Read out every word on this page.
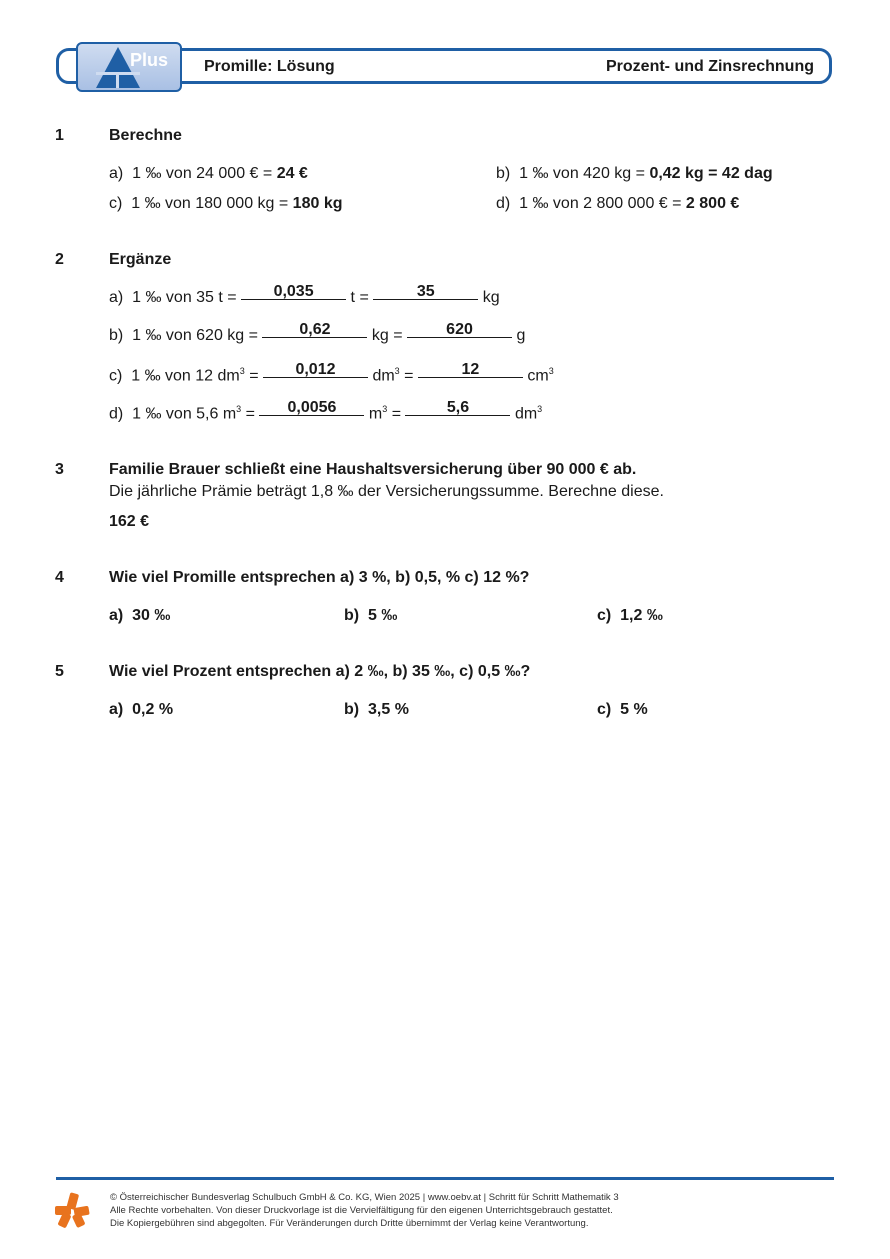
Plus Promille: Lösung	Prozent- und Zinsrechnung
1	Berechne
a) 1 ‰ von 24 000 € = 24 €	b) 1 ‰ von 420 kg = 0,42 kg = 42 dag
c) 1 ‰ von 180 000 kg = 180 kg	d) 1 ‰ von 2 800 000 € = 2 800 €
2	Ergänze
a) 1 ‰ von 35 t = 0,035 t =	35	kg
b) 1 ‰ von 620 kg =	0,62	kg =	620	g
c) 1 ‰ von 12 $dm^3 = 0,012$ $dm^3$ =	12	$cm^3$
d) 1 ‰ von 5,6 $m^3 = 0,0056$ $m^3$ =	5,6	$dm^3$
3	Familie Brauer schließt eine Haushaltsversicherung über 90 000 € ab.
Die jährliche Prämie beträgt 1,8 ‰ der Versicherungssumme. Berechne diese.
162 €
4	Wie viel Promille entsprechen a) 3 %, b) 0,5, % c) 12 %?
a) 30 ‰	b) 5 ‰	c) 1,2 ‰
5	Wie viel Prozent entsprechen a) 2 ‰, b) 35 ‰, c) 0,5 ‰?
a) 0,2 %	b) 3,5 %	c) 5 %
© Österreichischer Bundesverlag Schulbuch GmbH & Co. KG, Wien 2025 | www.oebv.at | Schritt für Schritt Mathematik 3
Alle Rechte vorbehalten. Von dieser Druckvorlage ist die Vervielfältigung für den eigenen Unterrichtsgebrauch gestattet.
Die Kopiergebühren sind abgegolten. Für Veränderungen durch Dritte übernimmt der Verlag keine Verantwortung.
